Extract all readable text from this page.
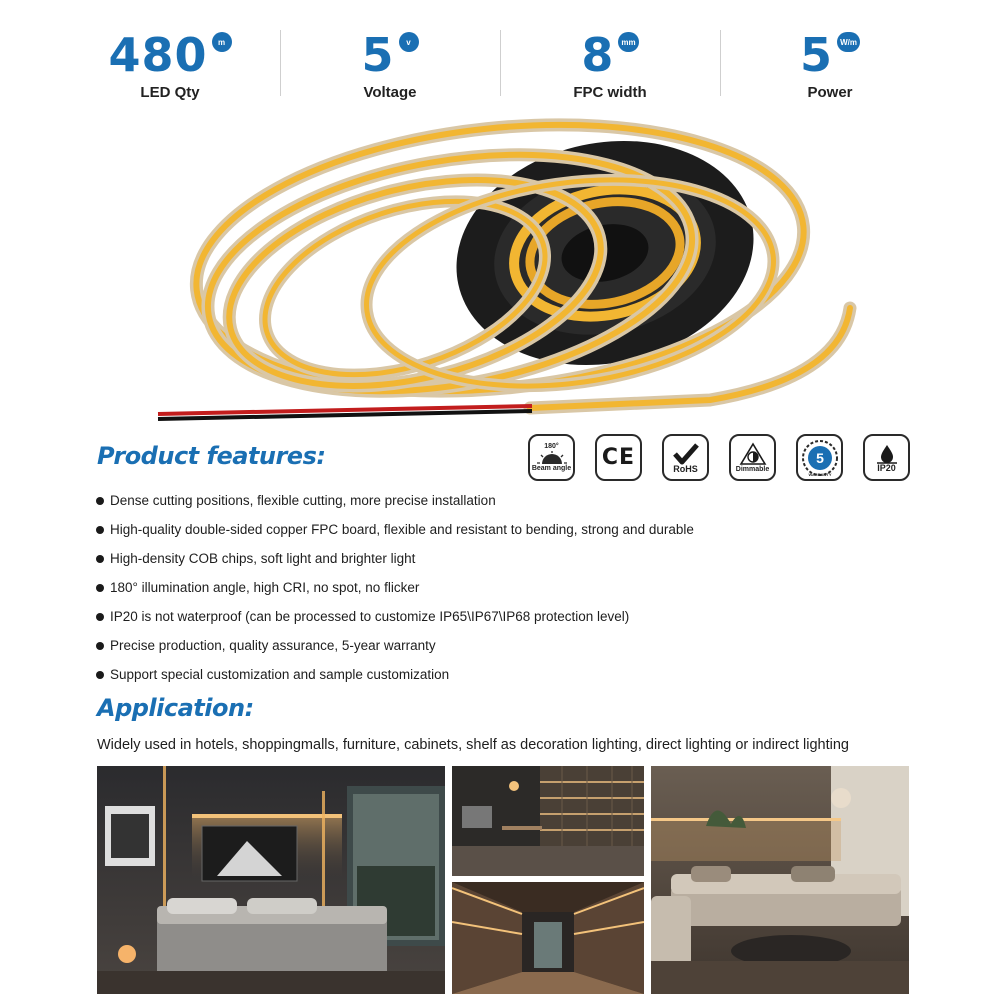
480	m
LED Qty
5	v
Voltage
8 mm
FPC width
5 W/m
Power
Product features:	180°
Beam angle CE	RoHS	Dimmable
5
WARRANTY
IP20
Dense cutting positions, flexible cutting, more precise installation
High-quality double-sided copper FPC board, flexible and resistant to bending, strong and durable
High-density COB chips, soft light and brighter light
180° illumination angle, high CRI, no spot, no flicker
IP20 is not waterproof (can be processed to customize IP65\IP67\IP68 protection level)
Precise production, quality assurance, 5-year warranty
Support special customization and sample customization
Application:
Widely used in hotels, shoppingmalls, furniture, cabinets, shelf as decoration lighting, direct lighting or indirect lighting
